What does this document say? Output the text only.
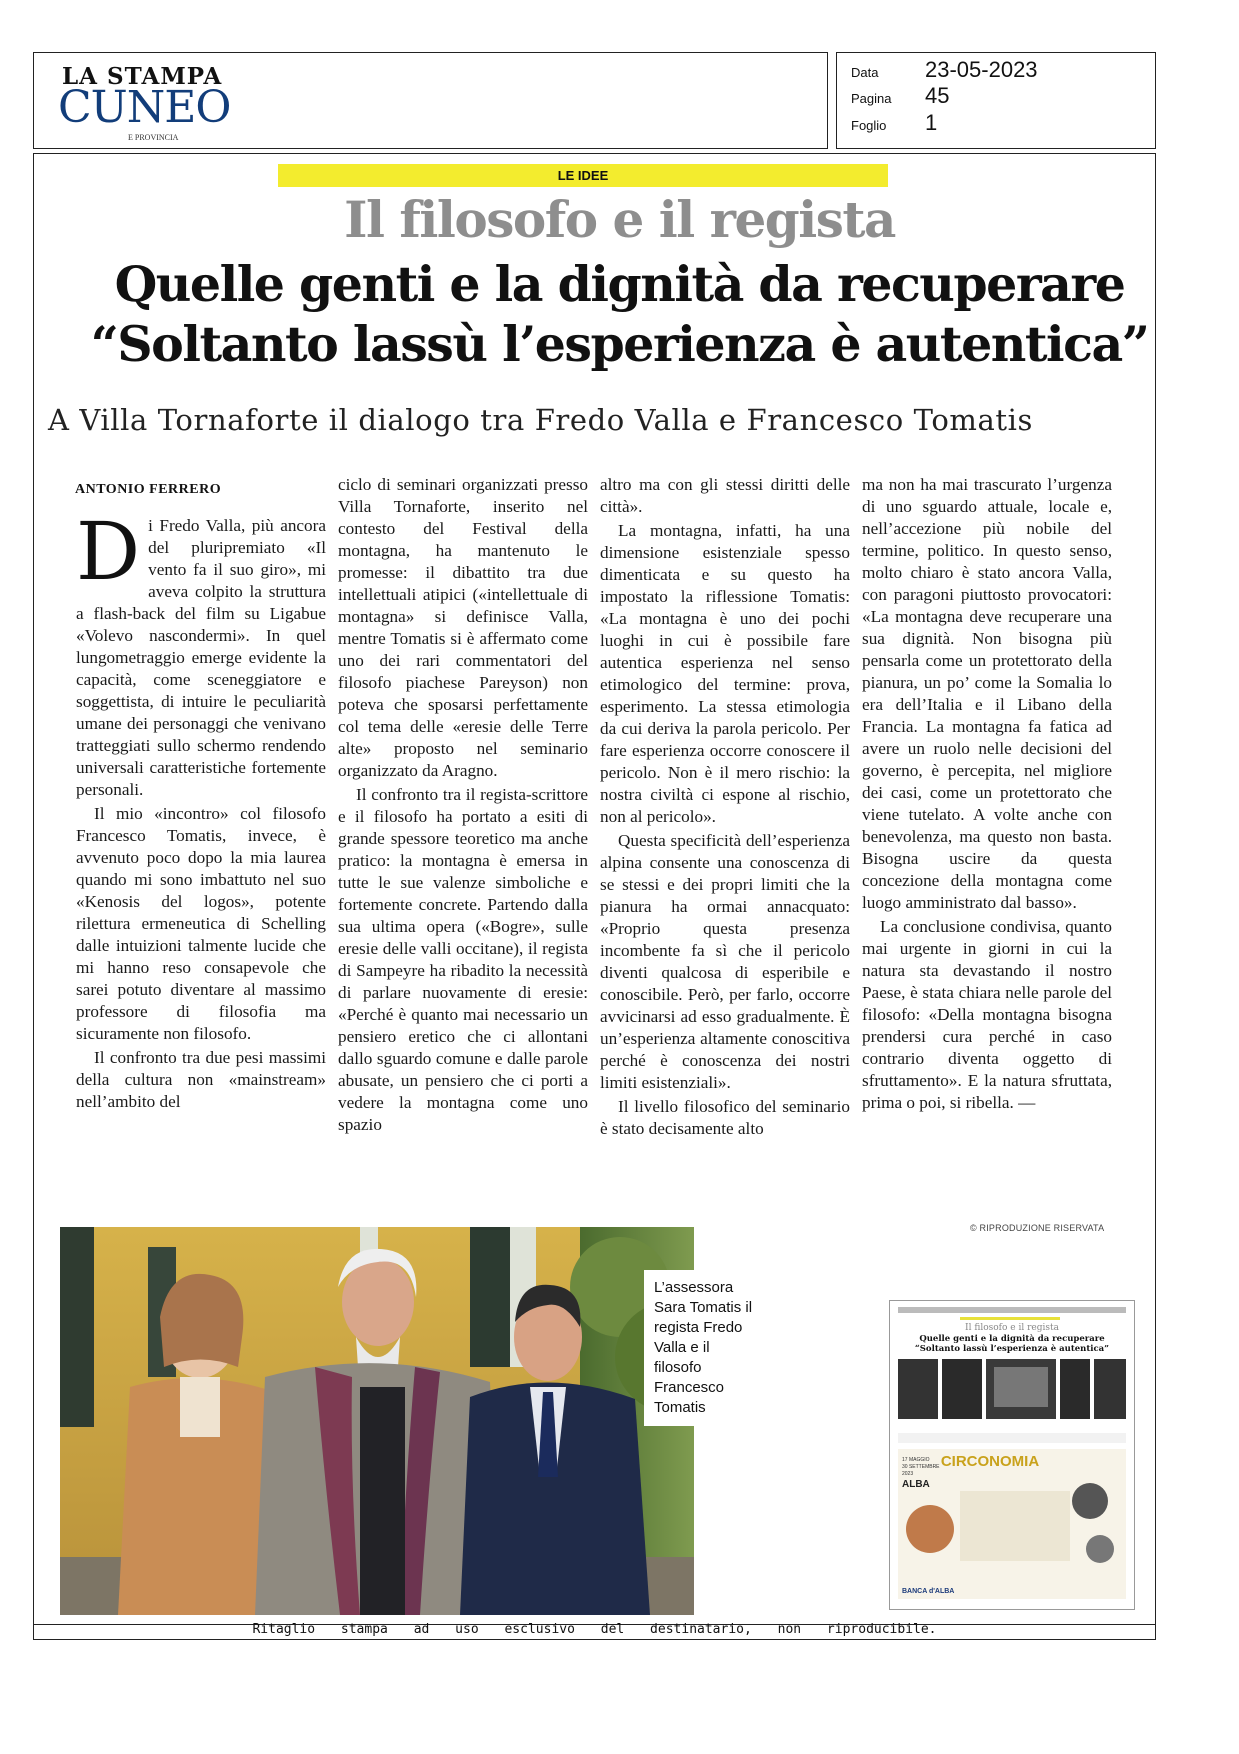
LA STAMPA
CUNEO
E PROVINCIA
Data 23-05-2023
Pagina 45
Foglio 1
LE IDEE
Il filosofo e il regista
Quelle genti e la dignità da recuperare
“Soltanto lassù l’esperienza è autentica”
A Villa Tornaforte il dialogo tra Fredo Valla e Francesco Tomatis
ANTONIO FERRERO

Di Fredo Valla, più ancora del pluripremiato «Il vento fa il suo giro», mi aveva colpito la struttura a flash-back del film su Ligabue «Volevo nascondermi». In quel lungometraggio emerge evidente la capacità, come sceneggiatore e soggettista, di intuire le peculiarità umane dei personaggi che venivano tratteggiati sullo schermo rendendo universali caratteristiche fortemente personali.

Il mio «incontro» col filosofo Francesco Tomatis, invece, è avvenuto poco dopo la mia laurea quando mi sono imbattuto nel suo «Kenosis del logos», potente rilettura ermeneutica di Schelling dalle intuizioni talmente lucide che mi hanno reso consapevole che sarei potuto diventare al massimo professore di filosofia ma sicuramente non filosofo.

Il confronto tra due pesi massimi della cultura non «mainstream» nell’ambito del

ciclo di seminari organizzati presso Villa Tornaforte, inserito nel contesto del Festival della montagna, ha mantenuto le promesse: il dibattito tra due intellettuali atipici («intellettuale di montagna» si definisce Valla, mentre Tomatis si è affermato come uno dei rari commentatori del filosofo piachese Pareyson) non poteva che sposarsi perfettamente col tema delle «eresie delle Terre alte» proposto nel seminario organizzato da Aragno.

Il confronto tra il regista-scrittore e il filosofo ha portato a esiti di grande spessore teoretico ma anche pratico: la montagna è emersa in tutte le sue valenze simboliche e fortemente concrete. Partendo dalla sua ultima opera («Bogre», sulle eresie delle valli occitane), il regista di Sampeyre ha ribadito la necessità di parlare nuovamente di eresie: «Perché è quanto mai necessario un pensiero eretico che ci allontani dallo sguardo comune e dalle parole abusate, un pensiero che ci porti a vedere la montagna come uno spazio

altro ma con gli stessi diritti delle città».

La montagna, infatti, ha una dimensione esistenziale spesso dimenticata e su questo ha impostato la riflessione Tomatis: «La montagna è uno dei pochi luoghi in cui è possibile fare autentica esperienza nel senso etimologico del termine: prova, esperimento. La stessa etimologia da cui deriva la parola pericolo. Per fare esperienza occorre conoscere il pericolo. Non è il mero rischio: la nostra civiltà ci espone al rischio, non al pericolo».

Questa specificità dell’esperienza alpina consente una conoscenza di se stessi e dei propri limiti che la pianura ha ormai annacquato: «Proprio questa presenza incombente fa sì che il pericolo diventi qualcosa di esperibile e conoscibile. Però, per farlo, occorre avvicinarsi ad esso gradualmente. È un’esperienza altamente conoscitiva perché è conoscenza dei nostri limiti esistenziali».

Il livello filosofico del seminario è stato decisamente alto

ma non ha mai trascurato l’urgenza di uno sguardo attuale, locale e, nell’accezione più nobile del termine, politico. In questo senso, molto chiaro è stato ancora Valla, con paragoni piuttosto provocatori: «La montagna deve recuperare una sua dignità. Non bisogna più pensarla come un protettorato della pianura, un po’ come la Somalia lo era dell’Italia e il Libano della Francia. La montagna fa fatica ad avere un ruolo nelle decisioni del governo, è percepita, nel migliore dei casi, come un protettorato che viene tutelato. A volte anche con benevolenza, ma questo non basta. Bisogna uscire da questa concezione della montagna come luogo amministrato dal basso».

La conclusione condivisa, quanto mai urgente in giorni in cui la natura sta devastando il nostro Paese, è stata chiara nelle parole del filosofo: «Della montagna bisogna prendersi cura perché in caso contrario diventa oggetto di sfruttamento». E la natura sfruttata, prima o poi, si ribella. —

© RIPRODUZIONE RISERVATA
L’assessora Sara Tomatis il regista Fredo Valla e il filosofo Francesco Tomatis
Il filosofo e il regista
Quelle genti e la dignità da recuperare
“Soltanto lassù l’esperienza è autentica”
CIRCONOMIA
17 MAGGIO
30 SETTEMBRE
2023
ALBA
BANCA d'ALBA
Ritaglio stampa ad uso esclusivo del destinatario, non riproducibile.
